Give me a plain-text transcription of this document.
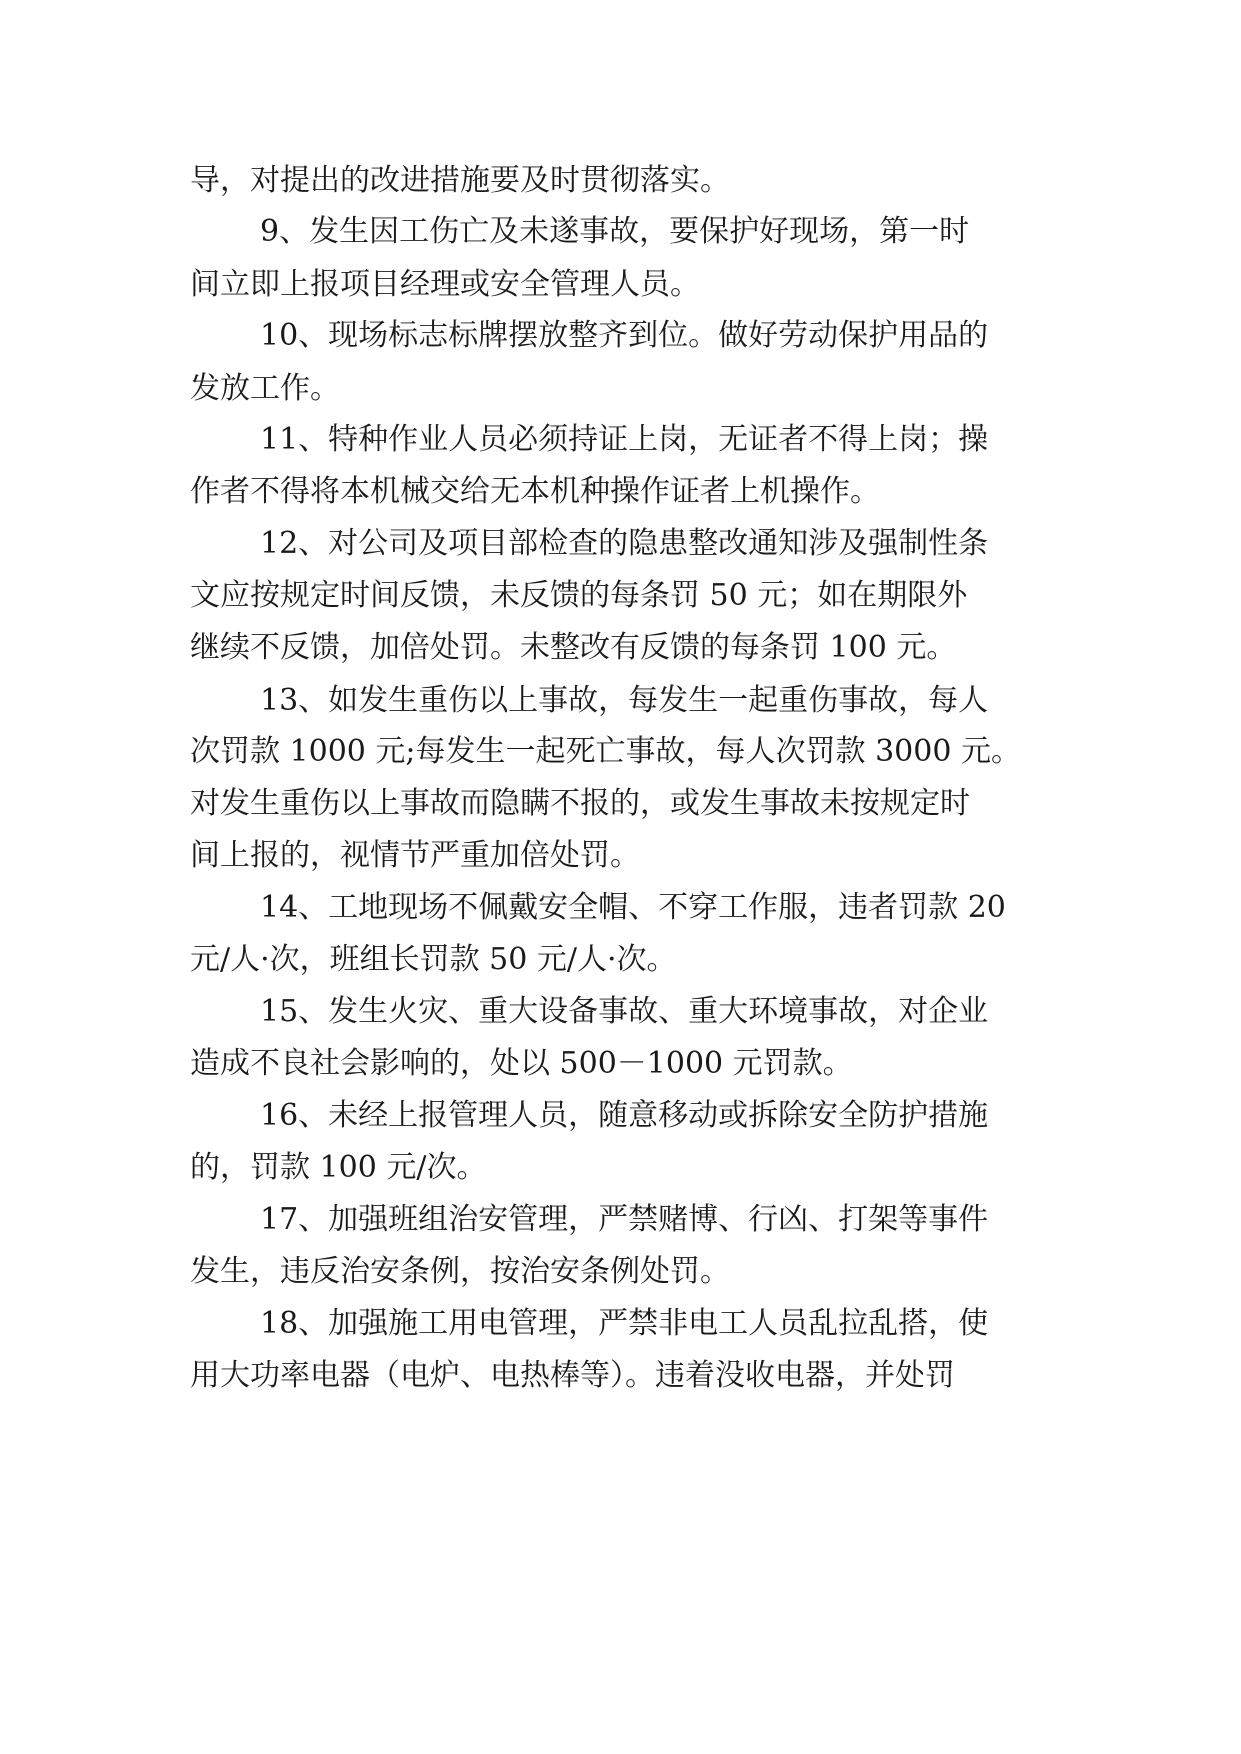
导，对提出的改进措施要及时贯彻落实。
9、发生因工伤亡及未遂事故，要保护好现场，第一时
间立即上报项目经理或安全管理人员。
10、现场标志标牌摆放整齐到位。做好劳动保护用品的
发放工作。
11、特种作业人员必须持证上岗，无证者不得上岗；操
作者不得将本机械交给无本机种操作证者上机操作。
12、对公司及项目部检查的隐患整改通知涉及强制性条
文应按规定时间反馈，未反馈的每条罚 50 元；如在期限外
继续不反馈，加倍处罚。未整改有反馈的每条罚 100 元。
13、如发生重伤以上事故，每发生一起重伤事故，每人
次罚款 1000 元;每发生一起死亡事故，每人次罚款 3000 元。
对发生重伤以上事故而隐瞒不报的，或发生事故未按规定时
间上报的，视情节严重加倍处罚。
14、工地现场不佩戴安全帽、不穿工作服，违者罚款 20
元/人·次，班组长罚款 50 元/人·次。
15、发生火灾、重大设备事故、重大环境事故，对企业
造成不良社会影响的，处以 500－1000 元罚款。
16、未经上报管理人员，随意移动或拆除安全防护措施
的，罚款 100 元/次。
17、加强班组治安管理，严禁赌博、行凶、打架等事件
发生，违反治安条例，按治安条例处罚。
18、加强施工用电管理，严禁非电工人员乱拉乱搭，使
用大功率电器（电炉、电热棒等）。违着没收电器，并处罚
